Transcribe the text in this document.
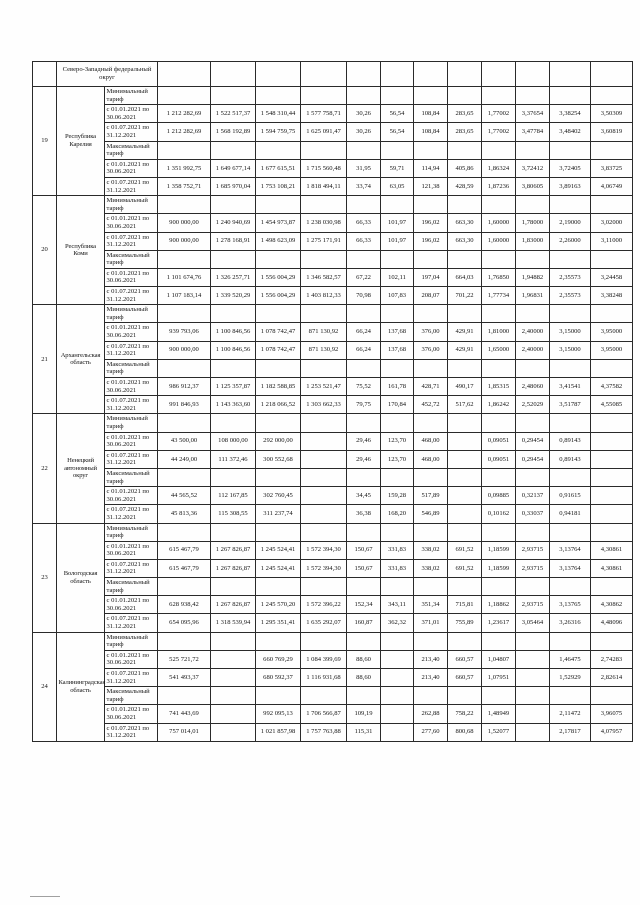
	Северо-Западный федеральный округ													
19	Республика Карелия	Минимальный тариф												
		с 01.01.2021 по 30.06.2021	1 212 282,69	1 522 517,37	1 548 310,44	1 577 758,71	30,26	56,54	108,84	283,65	1,77002	3,37654	3,38254	3,50309
		с 01.07.2021 по 31.12.2021	1 212 282,69	1 568 192,89	1 594 759,75	1 625 091,47	30,26	56,54	108,84	283,65	1,77002	3,47784	3,48402	3,60819
		Максимальный тариф												
		с 01.01.2021 по 30.06.2021	1 351 992,75	1 649 677,14	1 677 615,51	1 715 560,48	31,95	59,71	114,94	405,86	1,86324	3,72412	3,72405	3,83725
		с 01.07.2021 по 31.12.2021	1 358 752,71	1 685 970,04	1 753 108,21	1 818 494,11	33,74	63,05	121,38	428,59	1,87236	3,80605	3,89163	4,06749
20	Республика Коми	Минимальный тариф												
		с 01.01.2021 по 30.06.2021	900 000,00	1 240 940,69	1 454 973,87	1 238 030,98	66,33	101,97	196,02	663,30	1,60000	1,78000	2,19000	3,02000
		с 01.07.2021 по 31.12.2021	900 000,00	1 278 168,91	1 498 623,09	1 275 171,91	66,33	101,97	196,02	663,30	1,60000	1,83000	2,26000	3,11000
		Максимальный тариф												
		с 01.01.2021 по 30.06.2021	1 101 674,76	1 326 257,71	1 556 004,29	1 346 582,57	67,22	102,11	197,04	664,03	1,76850	1,94882	2,35573	3,24458
		с 01.07.2021 по 31.12.2021	1 107 183,14	1 339 520,29	1 556 004,29	1 403 812,33	70,98	107,83	208,07	701,22	1,77734	1,96831	2,35573	3,38248
21	Архангельская область	Минимальный тариф												
		с 01.01.2021 по 30.06.2021	939 793,06	1 100 846,56	1 078 742,47	871 130,92	66,24	137,68	376,00	429,91	1,81000	2,40000	3,15000	3,95000
		с 01.07.2021 по 31.12.2021	900 000,00	1 100 846,56	1 078 742,47	871 130,92	66,24	137,68	376,00	429,91	1,65000	2,40000	3,15000	3,95000
		Максимальный тариф												
		с 01.01.2021 по 30.06.2021	986 912,37	1 125 357,87	1 182 588,85	1 253 521,47	75,52	161,78	428,71	490,17	1,85315	2,48060	3,41541	4,37582
		с 01.07.2021 по 31.12.2021	991 846,93	1 143 363,60	1 218 066,52	1 303 662,33	79,75	170,84	452,72	517,62	1,86242	2,52029	3,51787	4,55085
22	Ненецкий автономный округ	Минимальный тариф												
		с 01.01.2021 по 30.06.2021	43 500,00	108 000,00	292 000,00		29,46	123,70	468,00		0,09051	0,29454	0,89143	
		с 01.07.2021 по 31.12.2021	44 249,00	111 372,46	300 552,68		29,46	123,70	468,00		0,09051	0,29454	0,89143	
		Максимальный тариф												
		с 01.01.2021 по 30.06.2021	44 565,52	112 167,85	302 760,45		34,45	159,28	517,89		0,09885	0,32137	0,91615	
		с 01.07.2021 по 31.12.2021	45 813,36	115 308,55	311 237,74		36,38	168,20	546,89		0,10162	0,33037	0,94181	
23	Вологодская область	Минимальный тариф												
		с 01.01.2021 по 30.06.2021	615 467,79	1 267 826,87	1 245 524,41	1 572 394,30	150,67	331,83	338,02	691,52	1,18599	2,93715	3,13764	4,30861
		с 01.07.2021 по 31.12.2021	615 467,79	1 267 826,87	1 245 524,41	1 572 394,30	150,67	331,83	338,02	691,52	1,18599	2,93715	3,13764	4,30861
		Максимальный тариф												
		с 01.01.2021 по 30.06.2021	628 938,42	1 267 826,87	1 245 570,20	1 572 396,22	152,34	343,11	351,34	715,81	1,18862	2,93715	3,13765	4,30862
		с 01.07.2021 по 31.12.2021	654 095,96	1 318 539,94	1 295 351,41	1 635 292,07	160,87	362,32	371,01	755,89	1,23617	3,05464	3,26316	4,48096
24	Калининградская область	Минимальный тариф												
		с 01.01.2021 по 30.06.2021	525 721,72		660 769,29	1 084 399,69	88,60		213,40	660,57	1,04807		1,46475	2,74283
		с 01.07.2021 по 31.12.2021	541 493,37		680 592,37	1 116 931,68	88,60		213,40	660,57	1,07951		1,52929	2,82614
		Максимальный тариф												
		с 01.01.2021 по 30.06.2021	741 443,69		992 095,13	1 706 566,87	109,19		262,88	758,22	1,48949		2,11472	3,96075
		с 01.07.2021 по 31.12.2021	757 014,01		1 021 857,98	1 757 763,88	115,31		277,60	800,68	1,52077		2,17817	4,07957
